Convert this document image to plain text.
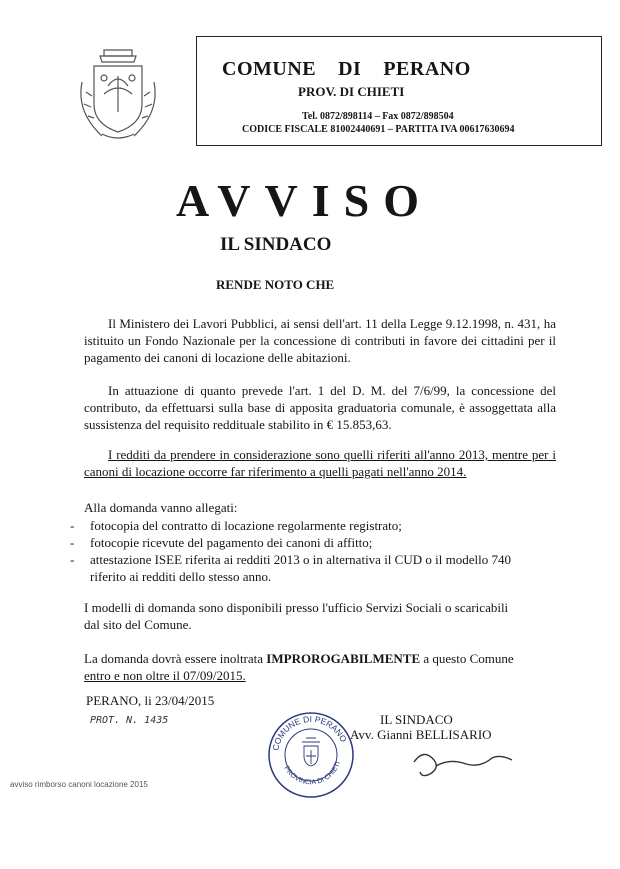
COMUNE    DI    PERANO
PROV. DI CHIETI
Tel. 0872/898114 – Fax 0872/898504
CODICE FISCALE 81002440691 – PARTITA IVA 00617630694
AVVISO
IL SINDACO
RENDE NOTO CHE
Il Ministero dei Lavori Pubblici, ai sensi dell'art. 11 della Legge 9.12.1998, n. 431, ha istituito un Fondo Nazionale per la concessione di contributi in favore dei cittadini per il pagamento dei canoni di locazione delle abitazioni.
In attuazione di quanto prevede l'art. 1 del D. M. del 7/6/99, la concessione del contributo, da effettuarsi sulla base di apposita graduatoria comunale, è assoggettata alla sussistenza del requisito reddituale stabilito in € 15.853,63.
I redditi da prendere in considerazione sono quelli riferiti all'anno 2013, mentre per i canoni di locazione occorre far riferimento a quelli pagati nell'anno 2014.
Alla domanda vanno allegati:
- fotocopia del contratto di locazione regolarmente registrato;
- fotocopie ricevute del pagamento dei canoni di affitto;
- attestazione ISEE riferita ai redditi 2013 o in alternativa il CUD o il modello 740 riferito ai redditi dello stesso anno.
I modelli di domanda sono disponibili presso l'ufficio Servizi Sociali o scaricabili dal sito del Comune.
La domanda dovrà essere inoltrata IMPROROGABILMENTE a questo Comune entro e non oltre il 07/09/2015.
PERANO, li 23/04/2015
PROT. N. 1435	IL SINDACO
Avv. Gianni BELLISARIO
COMUNE DI PERANO
PROVINCIA DI CHIETI
avviso rimborso canoni locazione 2015
